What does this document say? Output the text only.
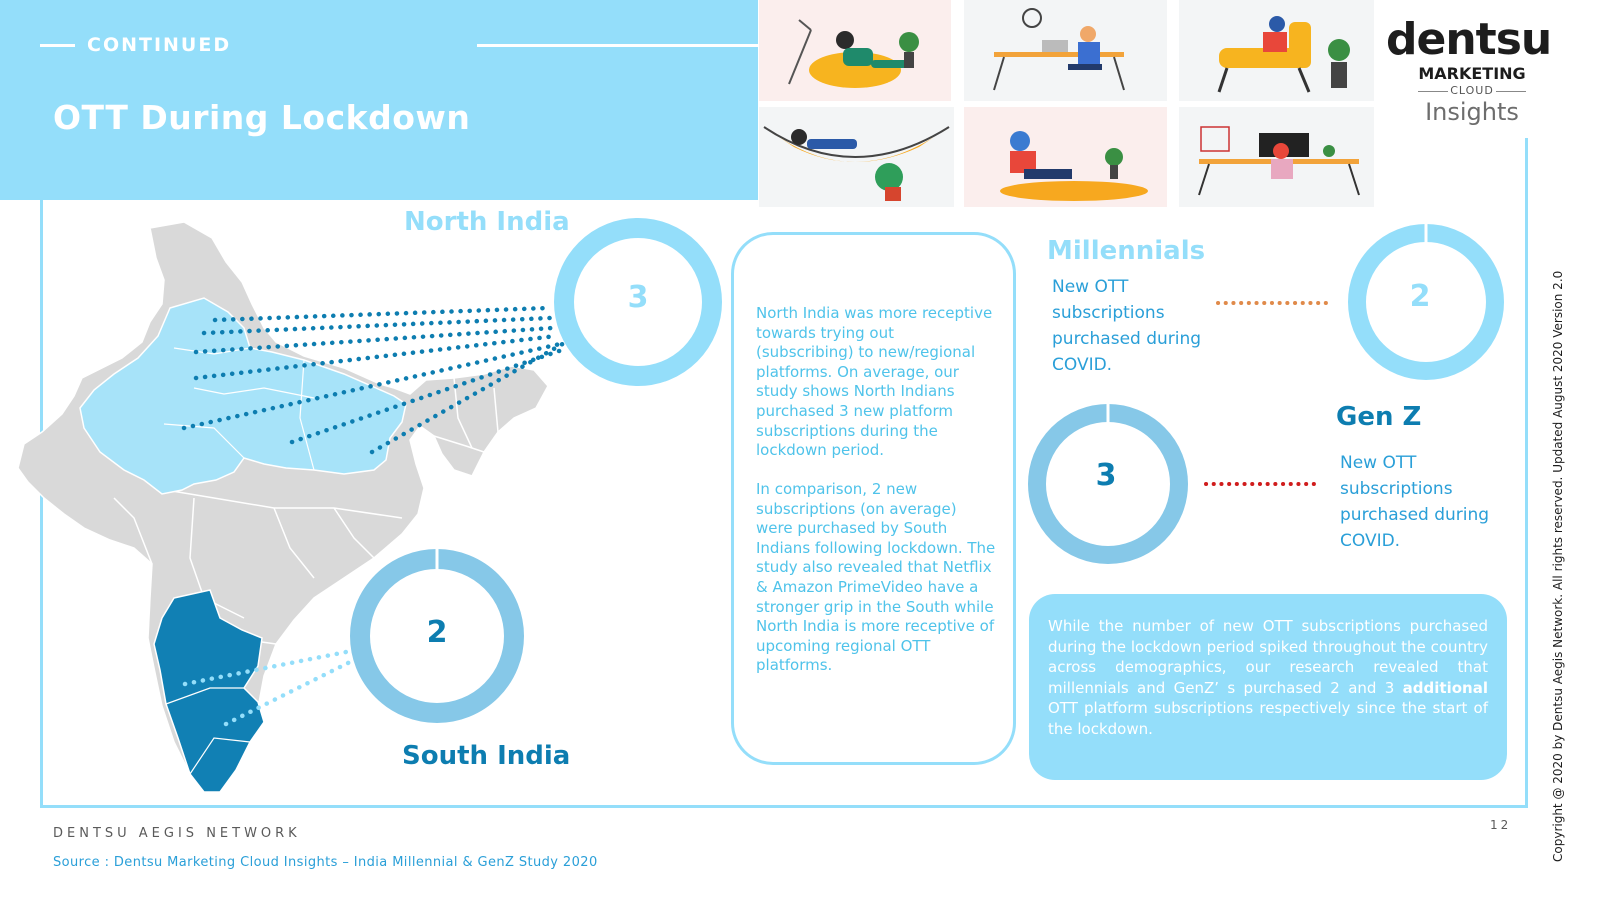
CONTINUED
OTT During Lockdown
dentsu
MARKETING
CLOUD
Insights
North India
3
2
South India
North India was more receptive towards trying out (subscribing) to new/regional platforms. On average, our study shows North Indians purchased 3 new platform subscriptions during the lockdown period.
In comparison, 2 new subscriptions (on average) were purchased by South Indians following lockdown. The study also revealed that Netflix & Amazon PrimeVideo have a stronger grip in the South while North India is more receptive of upcoming regional OTT platforms.
Millennials
New OTT subscriptions purchased during COVID.
2
3
Gen Z
New OTT subscriptions purchased during COVID.
While the number of new OTT subscriptions purchased during the lockdown period spiked throughout the country across demographics, our research revealed that millennials and GenZ’ s purchased 2 and 3 additional OTT platform subscriptions respectively since the start of the lockdown.
DENTSU AEGIS NETWORK
Source : Dentsu Marketing Cloud Insights – India Millennial & GenZ Study 2020
12	Copyright @ 2020 by Dentsu Aegis Network. All rights reserved. Updated August 2020 Version 2.0
